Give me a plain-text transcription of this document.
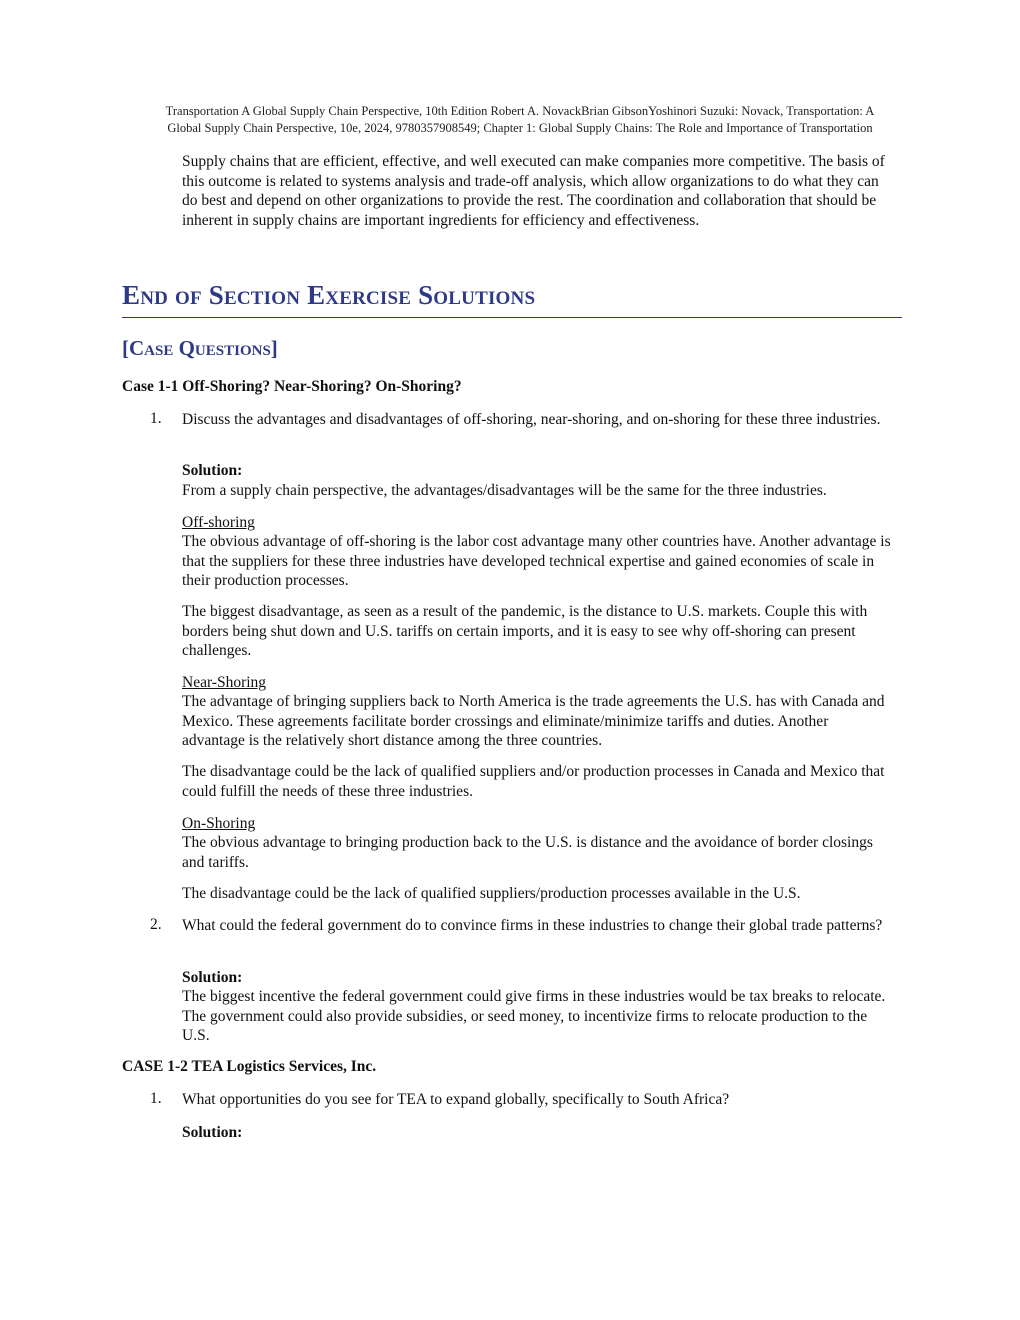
Transportation A Global Supply Chain Perspective, 10th Edition Robert A. NovackBrian GibsonYoshinori Suzuki: Novack, Transportation: A
Global Supply Chain Perspective, 10e, 2024, 9780357908549; Chapter 1: Global Supply Chains: The Role and Importance of Transportation

Supply chains that are efficient, effective, and well executed can make companies more competitive. The basis of this outcome is related to systems analysis and trade-off analysis, which allow organizations to do what they can do best and depend on other organizations to provide the rest. The coordination and collaboration that should be inherent in supply chains are important ingredients for efficiency and effectiveness.

End of Section Exercise Solutions
[Case Questions]
Case 1-1 Off-Shoring? Near-Shoring? On-Shoring?
1. Discuss the advantages and disadvantages of off-shoring, near-shoring, and on-shoring for these three industries.

Solution:

From a supply chain perspective, the advantages/disadvantages will be the same for the three industries.

Off-shoring

The obvious advantage of off-shoring is the labor cost advantage many other countries have. Another advantage is that the suppliers for these three industries have developed technical expertise and gained economies of scale in their production processes.

The biggest disadvantage, as seen as a result of the pandemic, is the distance to U.S. markets. Couple this with borders being shut down and U.S. tariffs on certain imports, and it is easy to see why off-shoring can present challenges.

Near-Shoring

The advantage of bringing suppliers back to North America is the trade agreements the U.S. has with Canada and Mexico. These agreements facilitate border crossings and eliminate/minimize tariffs and duties. Another advantage is the relatively short distance among the three countries.

The disadvantage could be the lack of qualified suppliers and/or production processes in Canada and Mexico that could fulfill the needs of these three industries.

On-Shoring

The obvious advantage to bringing production back to the U.S. is distance and the avoidance of border closings and tariffs.

The disadvantage could be the lack of qualified suppliers/production processes available in the U.S.

2. What could the federal government do to convince firms in these industries to change their global trade patterns?

Solution:

The biggest incentive the federal government could give firms in these industries would be tax breaks to relocate. The government could also provide subsidies, or seed money, to incentivize firms to relocate production to the U.S.

CASE 1-2 TEA Logistics Services, Inc.
1. What opportunities do you see for TEA to expand globally, specifically to South Africa?

Solution:
